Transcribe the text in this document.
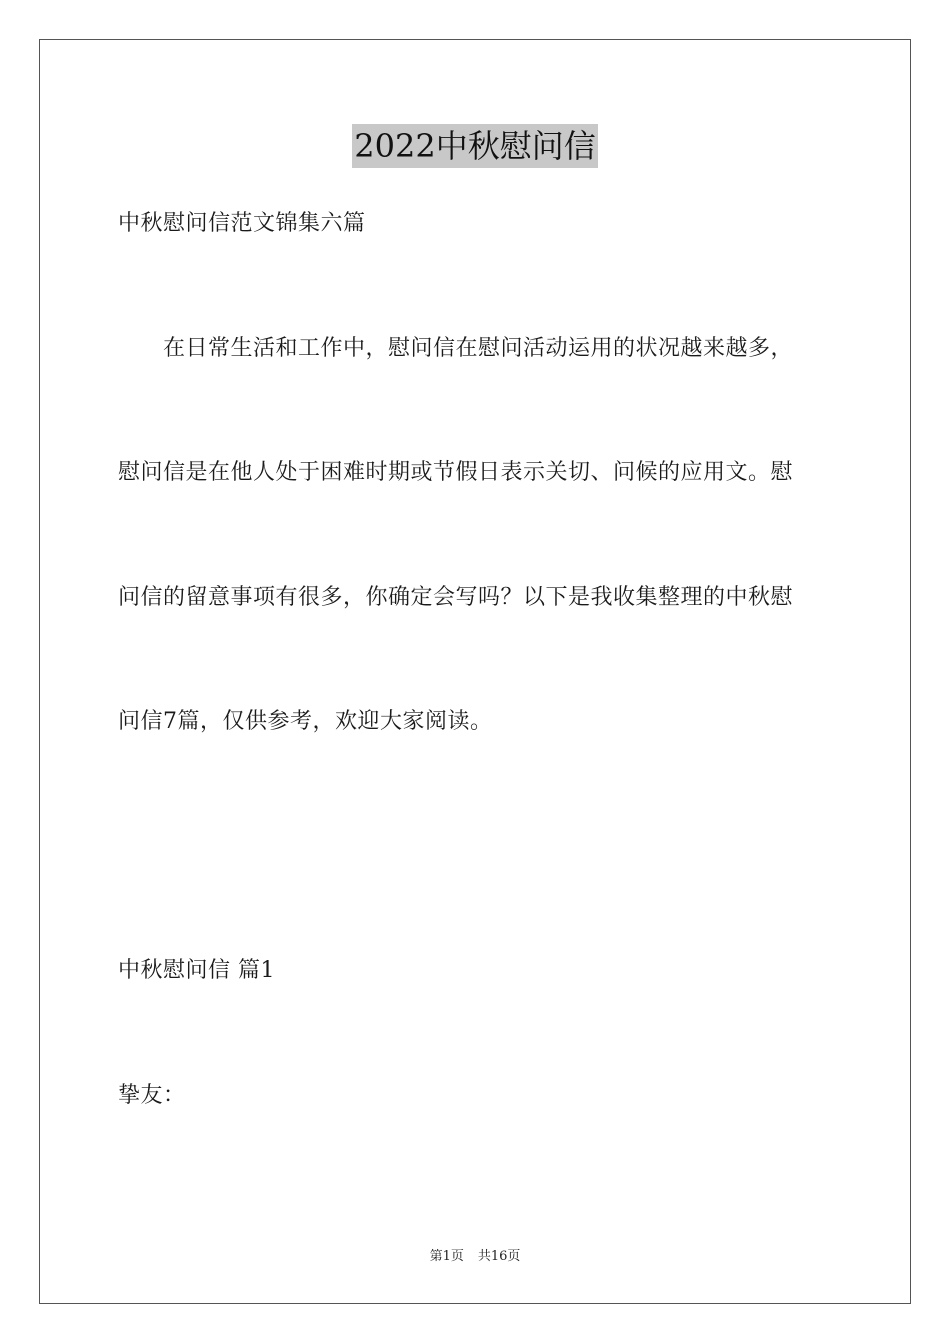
2022中秋慰问信
中秋慰问信范文锦集六篇
在日常生活和工作中，慰问信在慰问活动运用的状况越来越多，
慰问信是在他人处于困难时期或节假日表示关切、问候的应用文。慰
问信的留意事项有很多，你确定会写吗？以下是我收集整理的中秋慰
问信7篇，仅供参考，欢迎大家阅读。
中秋慰问信 篇1
挚友：
第1页 共16页
